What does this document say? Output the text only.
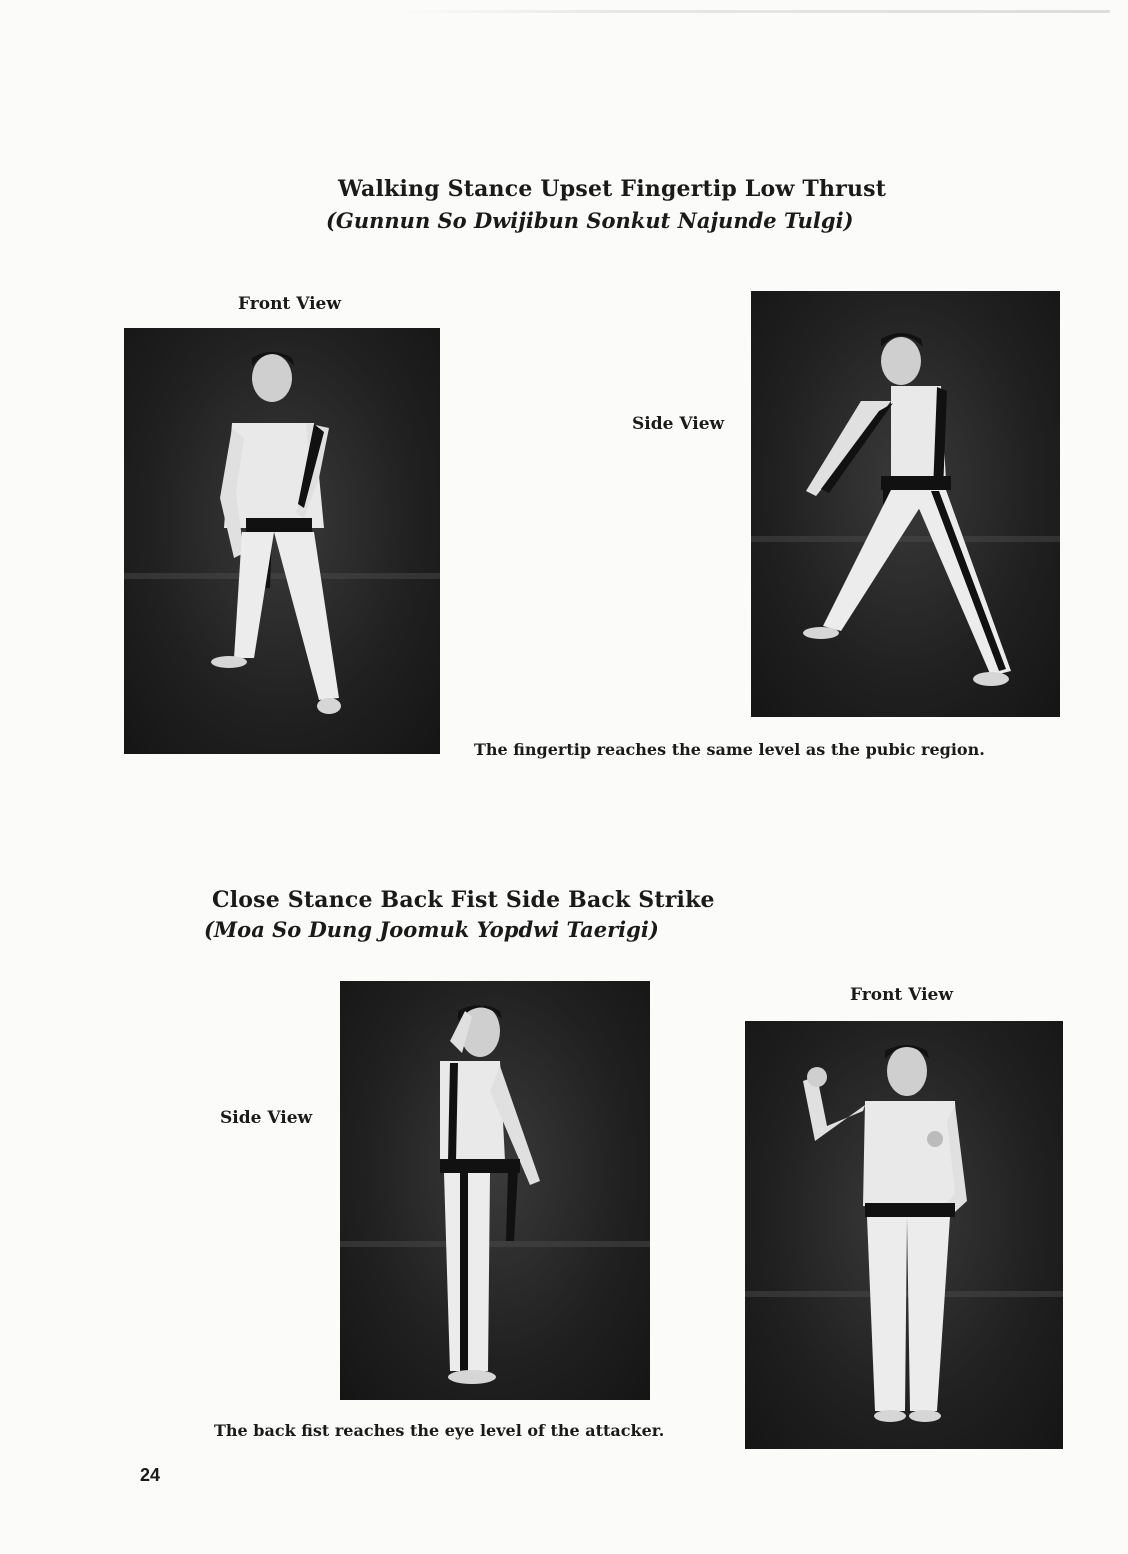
Walking Stance Upset Fingertip Low Thrust
(Gunnun So Dwijibun Sonkut Najunde Tulgi)
Front View
Side View
The fingertip reaches the same level as the pubic region.
Close Stance Back Fist Side Back Strike
(Moa So Dung Joomuk Yopdwi Taerigi)
Side View
Front View
The back fist reaches the eye level of the attacker.
24
